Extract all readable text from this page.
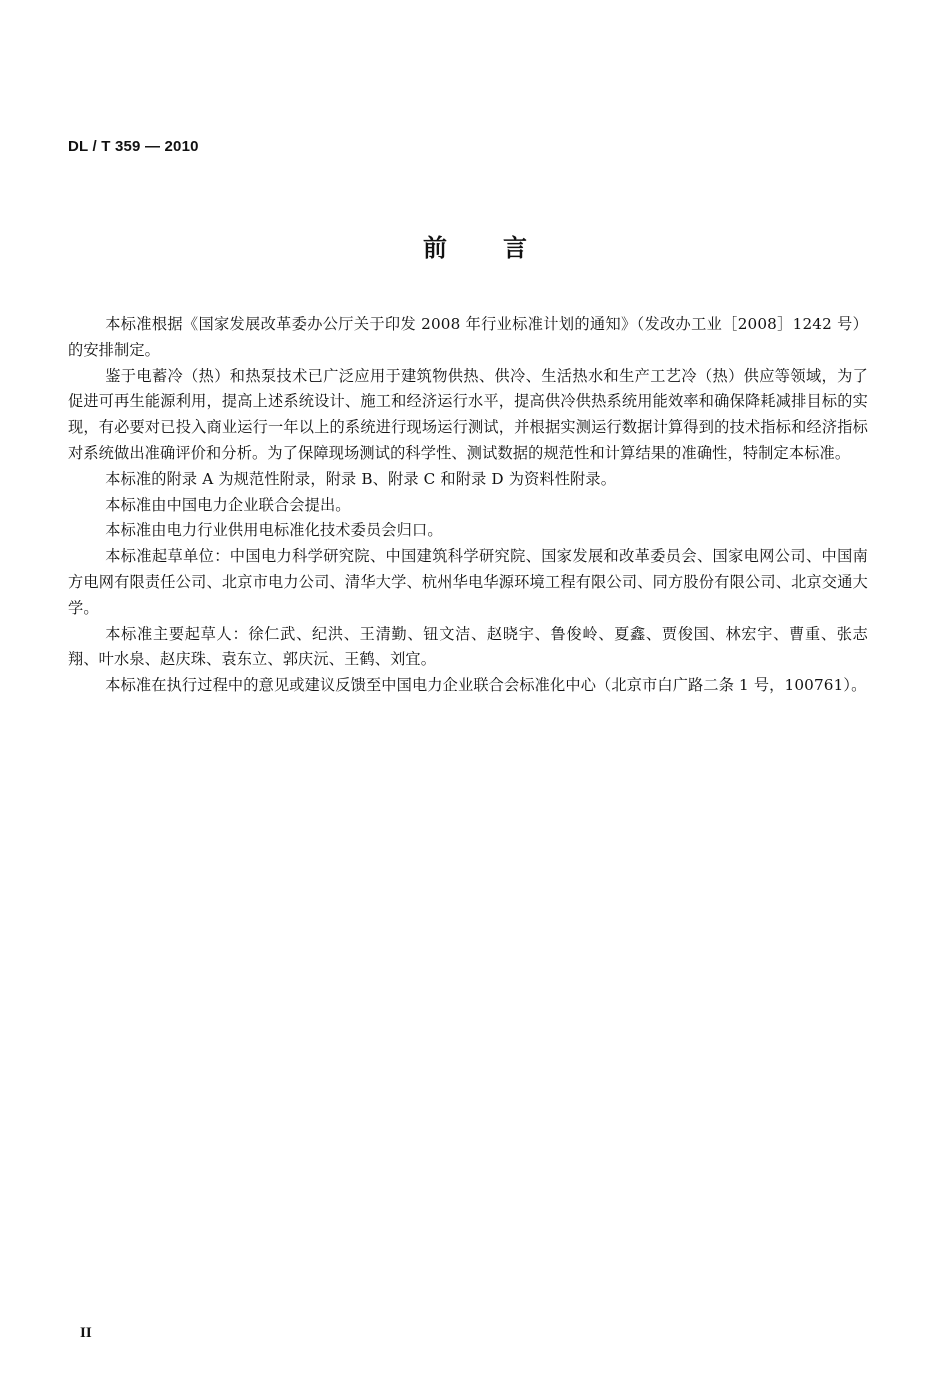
DL / T 359 — 2010
前 言

本标准根据《国家发展改革委办公厅关于印发 2008 年行业标准计划的通知》（发改办工业［2008］1242 号）的安排制定。

鉴于电蓄冷（热）和热泵技术已广泛应用于建筑物供热、供冷、生活热水和生产工艺冷（热）供应等领域，为了促进可再生能源利用，提高上述系统设计、施工和经济运行水平，提高供冷供热系统用能效率和确保降耗减排目标的实现，有必要对已投入商业运行一年以上的系统进行现场运行测试，并根据实测运行数据计算得到的技术指标和经济指标对系统做出准确评价和分析。为了保障现场测试的科学性、测试数据的规范性和计算结果的准确性，特制定本标准。

本标准的附录 A 为规范性附录，附录 B、附录 C 和附录 D 为资料性附录。

本标准由中国电力企业联合会提出。

本标准由电力行业供用电标准化技术委员会归口。

本标准起草单位：中国电力科学研究院、中国建筑科学研究院、国家发展和改革委员会、国家电网公司、中国南方电网有限责任公司、北京市电力公司、清华大学、杭州华电华源环境工程有限公司、同方股份有限公司、北京交通大学。

本标准主要起草人：徐仁武、纪洪、王清勤、钮文洁、赵晓宇、鲁俊岭、夏鑫、贾俊国、林宏宇、曹重、张志翔、叶水泉、赵庆珠、袁东立、郭庆沅、王鹤、刘宜。

本标准在执行过程中的意见或建议反馈至中国电力企业联合会标准化中心（北京市白广路二条 1 号，100761）。

II
